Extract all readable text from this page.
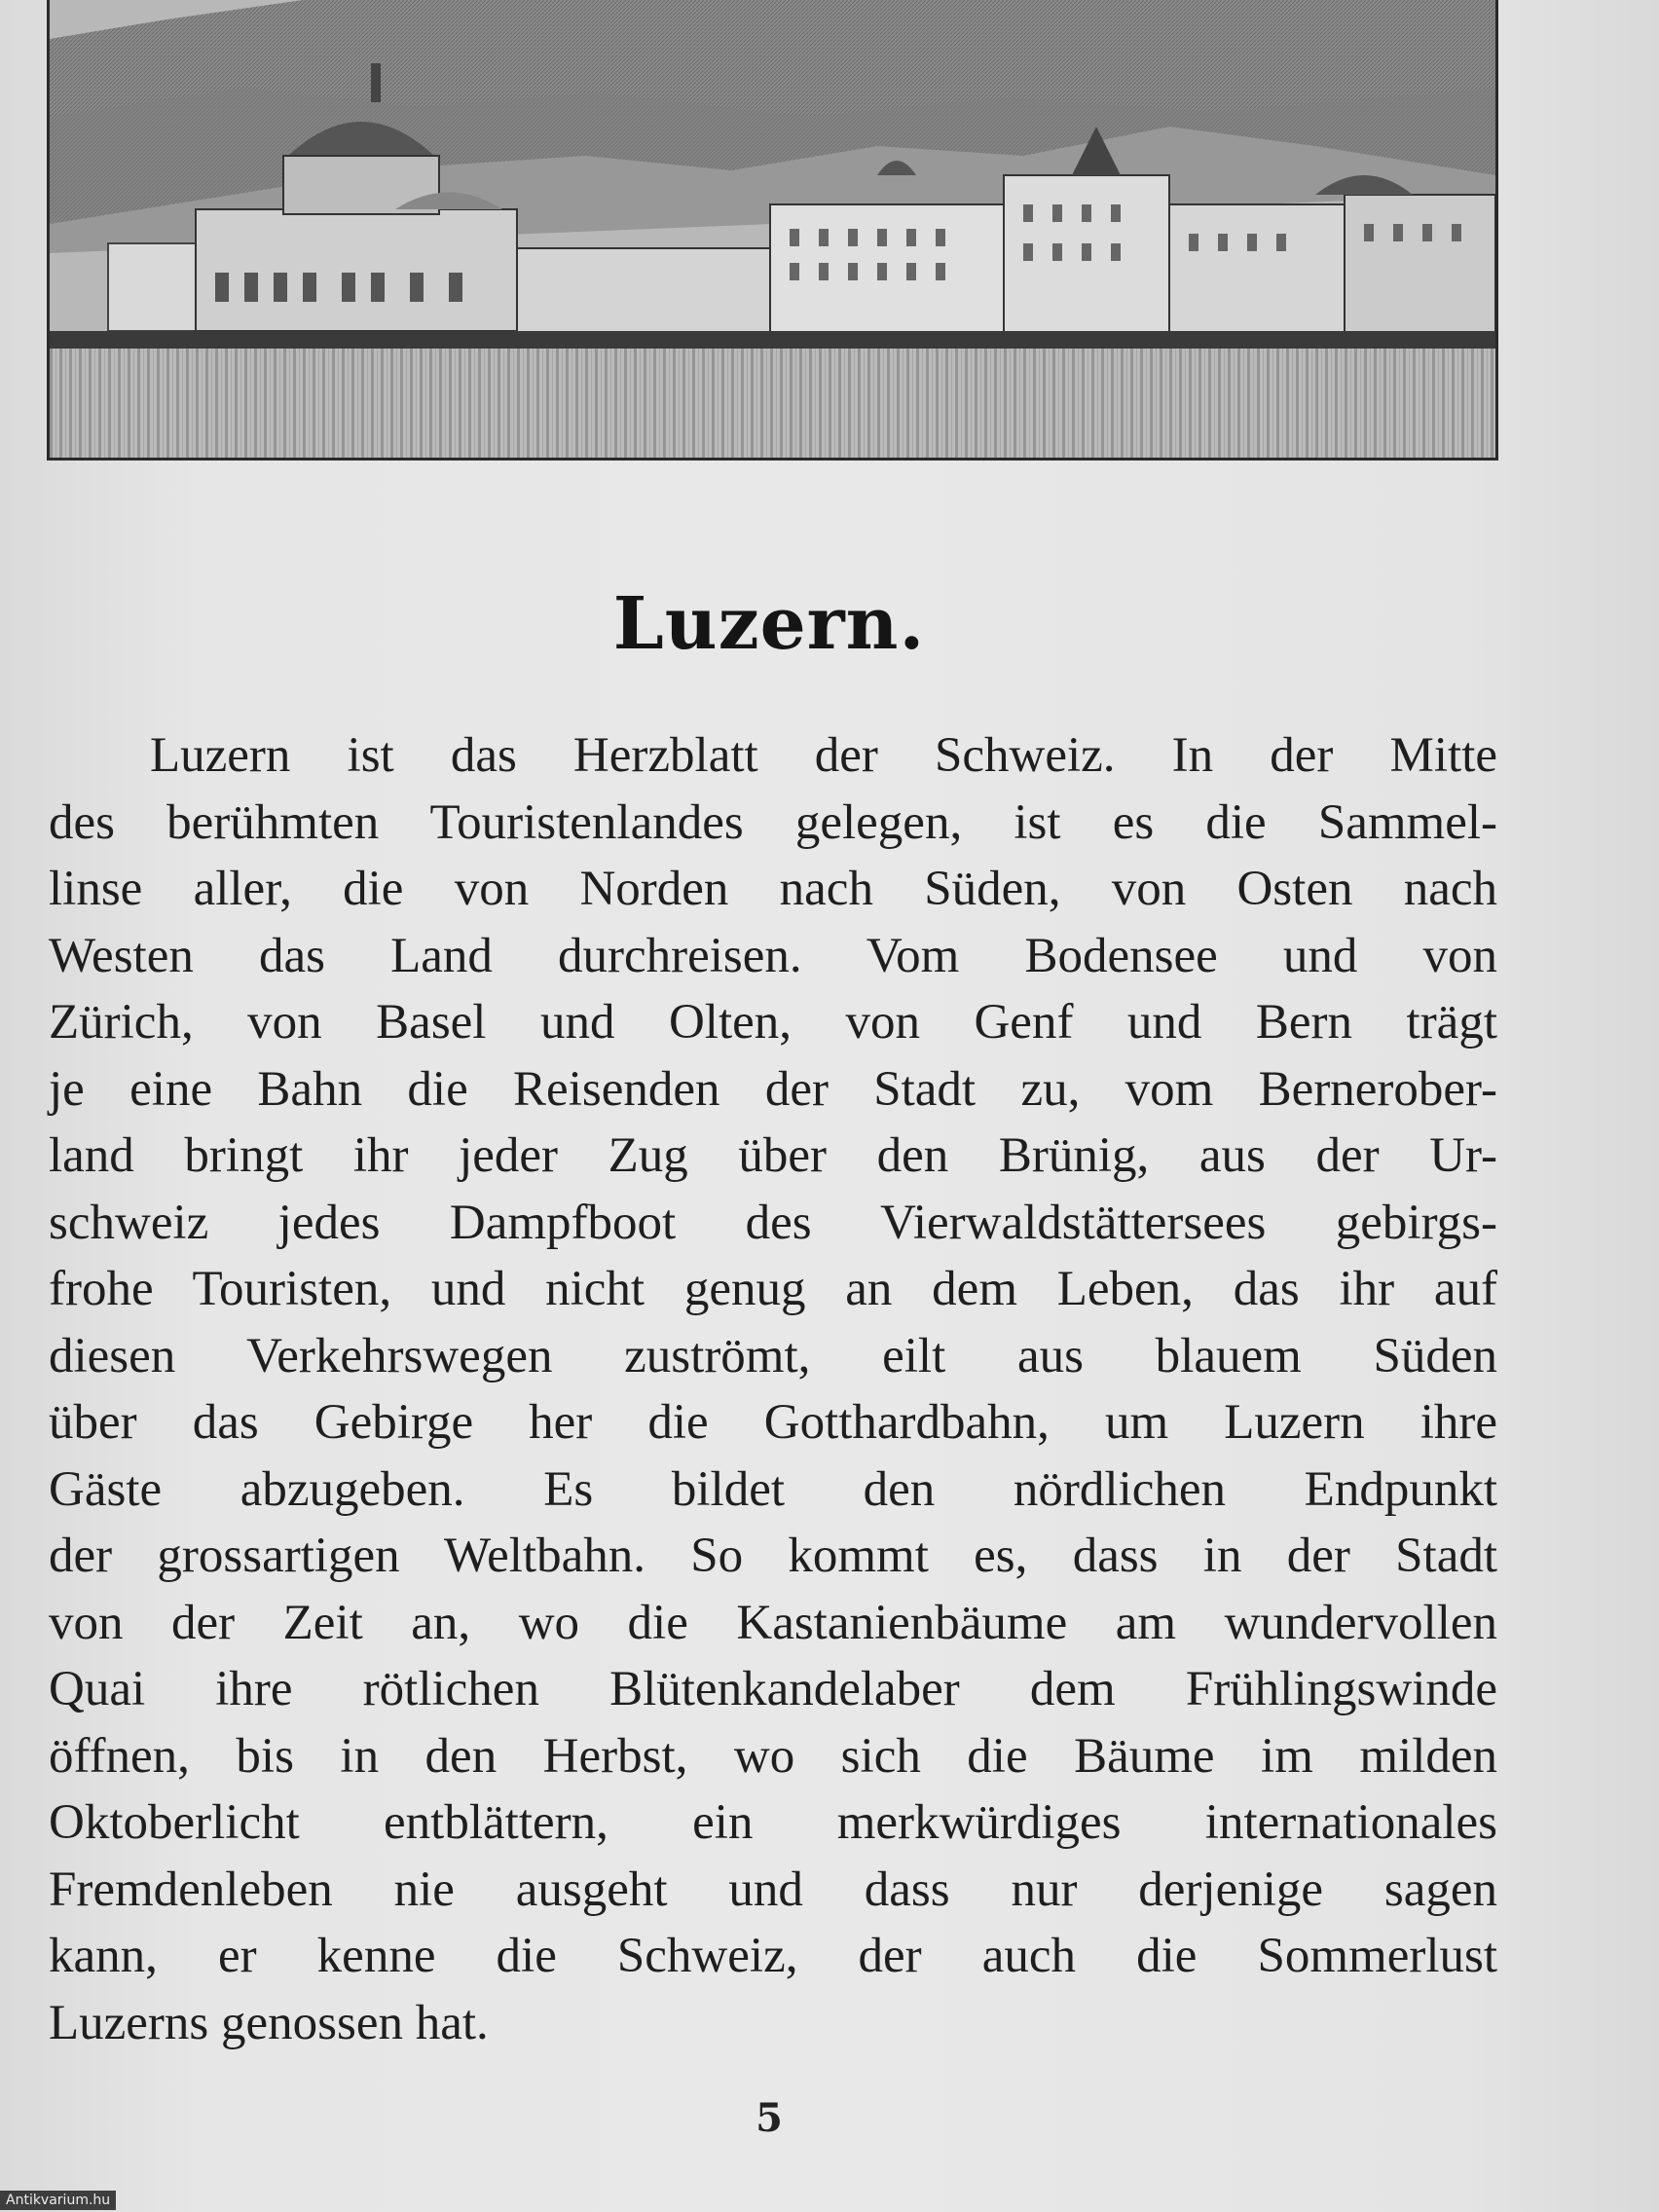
Luzern.
Luzern ist das Herzblatt der Schweiz. In der Mitte
des berühmten Touristenlandes gelegen, ist es die Sammel-
linse aller, die von Norden nach Süden, von Osten nach
Westen das Land durchreisen. Vom Bodensee und von
Zürich, von Basel und Olten, von Genf und Bern trägt
je eine Bahn die Reisenden der Stadt zu, vom Bernerober-
land bringt ihr jeder Zug über den Brünig, aus der Ur-
schweiz jedes Dampfboot des Vierwaldstättersees gebirgs-
frohe Touristen, und nicht genug an dem Leben, das ihr auf
diesen Verkehrswegen zuströmt, eilt aus blauem Süden
über das Gebirge her die Gotthardbahn, um Luzern ihre
Gäste abzugeben. Es bildet den nördlichen Endpunkt
der grossartigen Weltbahn. So kommt es, dass in der Stadt
von der Zeit an, wo die Kastanienbäume am wundervollen
Quai ihre rötlichen Blütenkandelaber dem Frühlingswinde
öffnen, bis in den Herbst, wo sich die Bäume im milden
Oktoberlicht entblättern, ein merkwürdiges internationales
Fremdenleben nie ausgeht und dass nur derjenige sagen
kann, er kenne die Schweiz, der auch die Sommerlust
Luzerns genossen hat.
5
Antikvarium.hu
